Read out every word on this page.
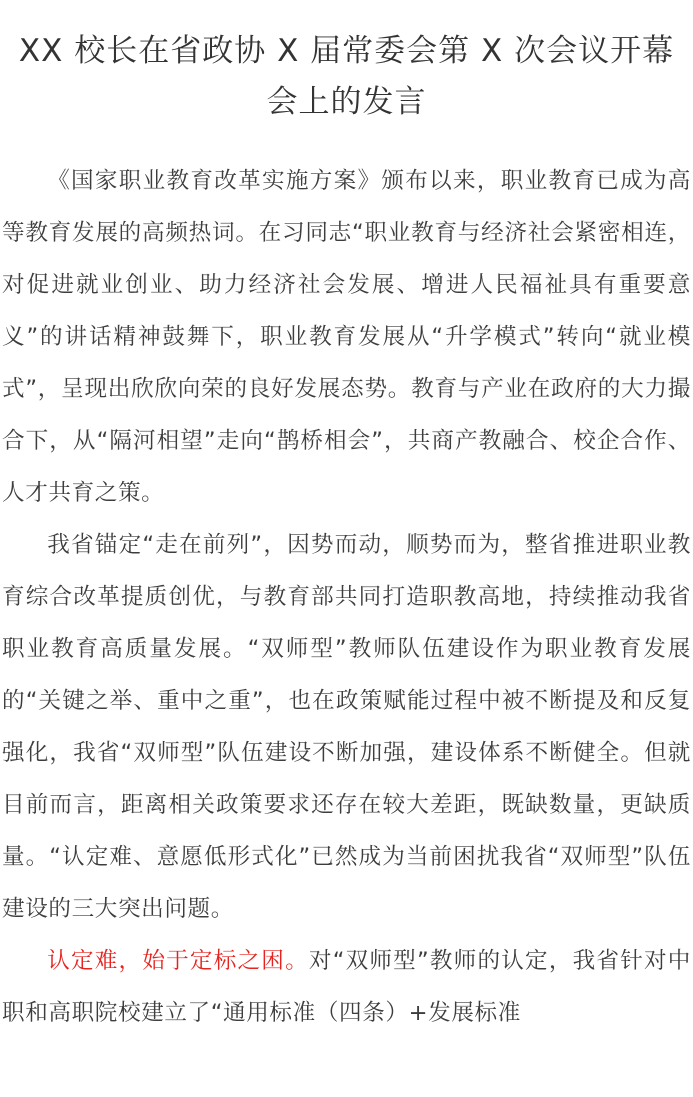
XX 校长在省政协 X 届常委会第 X 次会议开幕会上的发言

《国家职业教育改革实施方案》颁布以来，职业教育已成为高等教育发展的高频热词。在习同志“职业教育与经济社会紧密相连，对促进就业创业、助力经济社会发展、增进人民福祉具有重要意义”的讲话精神鼓舞下，职业教育发展从“升学模式”转向“就业模式”，呈现出欣欣向荣的良好发展态势。教育与产业在政府的大力撮合下，从“隔河相望”走向“鹊桥相会”，共商产教融合、校企合作、人才共育之策。

我省锚定“走在前列”，因势而动，顺势而为，整省推进职业教育综合改革提质创优，与教育部共同打造职教高地，持续推动我省职业教育高质量发展。“双师型”教师队伍建设作为职业教育发展的“关键之举、重中之重”，也在政策赋能过程中被不断提及和反复强化，我省“双师型”队伍建设不断加强，建设体系不断健全。但就目前而言，距离相关政策要求还存在较大差距，既缺数量，更缺质量。“认定难、意愿低形式化”已然成为当前困扰我省“双师型”队伍建设的三大突出问题。

认定难，始于定标之困。对“双师型”教师的认定，我省针对中职和高职院校建立了“通用标准（四条）+发展标准
